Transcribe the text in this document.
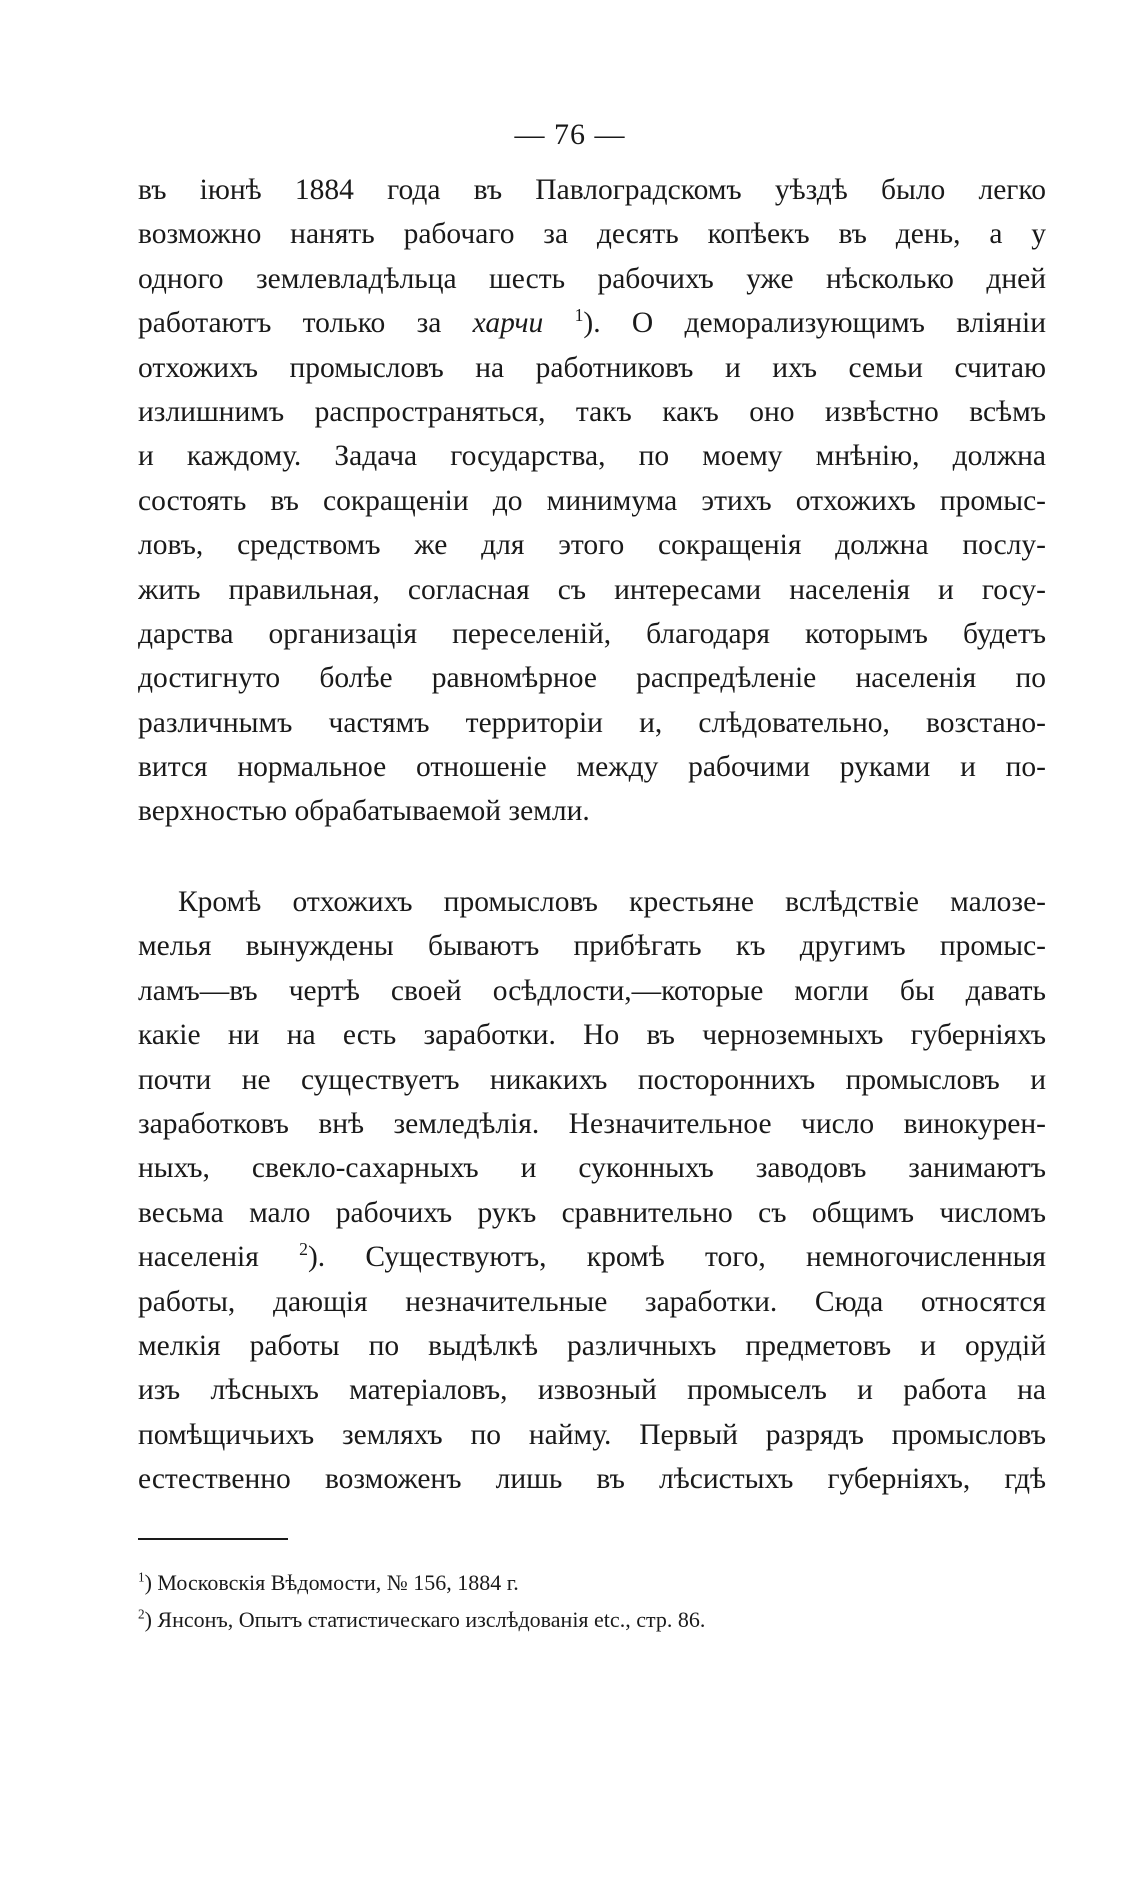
— 76 —
въ іюнѣ 1884 года въ Павлоградскомъ уѣздѣ было легко
возможно нанять рабочаго за десять копѣекъ въ день, а у
одного землевладѣльца шесть рабочихъ уже нѣсколько дней
работаютъ только за харчи $^1$). О деморализующимъ вліяніи
отхожихъ промысловъ на работниковъ и ихъ семьи считаю
излишнимъ распространяться, такъ какъ оно извѣстно всѣмъ
и каждому. Задача государства, по моему мнѣнію, должна
состоять въ сокращеніи до минимума этихъ отхожихъ промыс-
ловъ, средствомъ же для этого сокращенія должна послу-
жить правильная, согласная съ интересами населенія и госу-
дарства организація переселеній, благодаря которымъ будетъ
достигнуто болѣе равномѣрное распредѣленіе населенія по
различнымъ частямъ территоріи и, слѣдовательно, возстано-
вится нормальное отношеніе между рабочими руками и по-
верхностью обрабатываемой земли.
Кромѣ отхожихъ промысловъ крестьяне вслѣдствіе малозе-
мелья вынуждены бываютъ прибѣгать къ другимъ промыс-
ламъ—въ чертѣ своей осѣдлости,—которые могли бы давать
какіе ни на есть заработки. Но въ черноземныхъ губерніяхъ
почти не существуетъ никакихъ постороннихъ промысловъ и
заработковъ внѣ земледѣлія. Незначительное число винокурен-
ныхъ, свекло-сахарныхъ и суконныхъ заводовъ занимаютъ
весьма мало рабочихъ рукъ сравнительно съ общимъ числомъ
населенія $^2$). Существуютъ, кромѣ того, немногочисленныя
работы, дающія незначительные заработки. Сюда относятся
мелкія работы по выдѣлкѣ различныхъ предметовъ и орудій
изъ лѣсныхъ матеріаловъ, извозный промыселъ и работа на
помѣщичьихъ земляхъ по найму. Первый разрядъ промысловъ
естественно возможенъ лишь въ лѣсистыхъ губерніяхъ, гдѣ
$^1$) Московскія Вѣдомости, № 156, 1884 г.
$^2$) Янсонъ, Опытъ статистическаго изслѣдованія etc., стр. 86.
